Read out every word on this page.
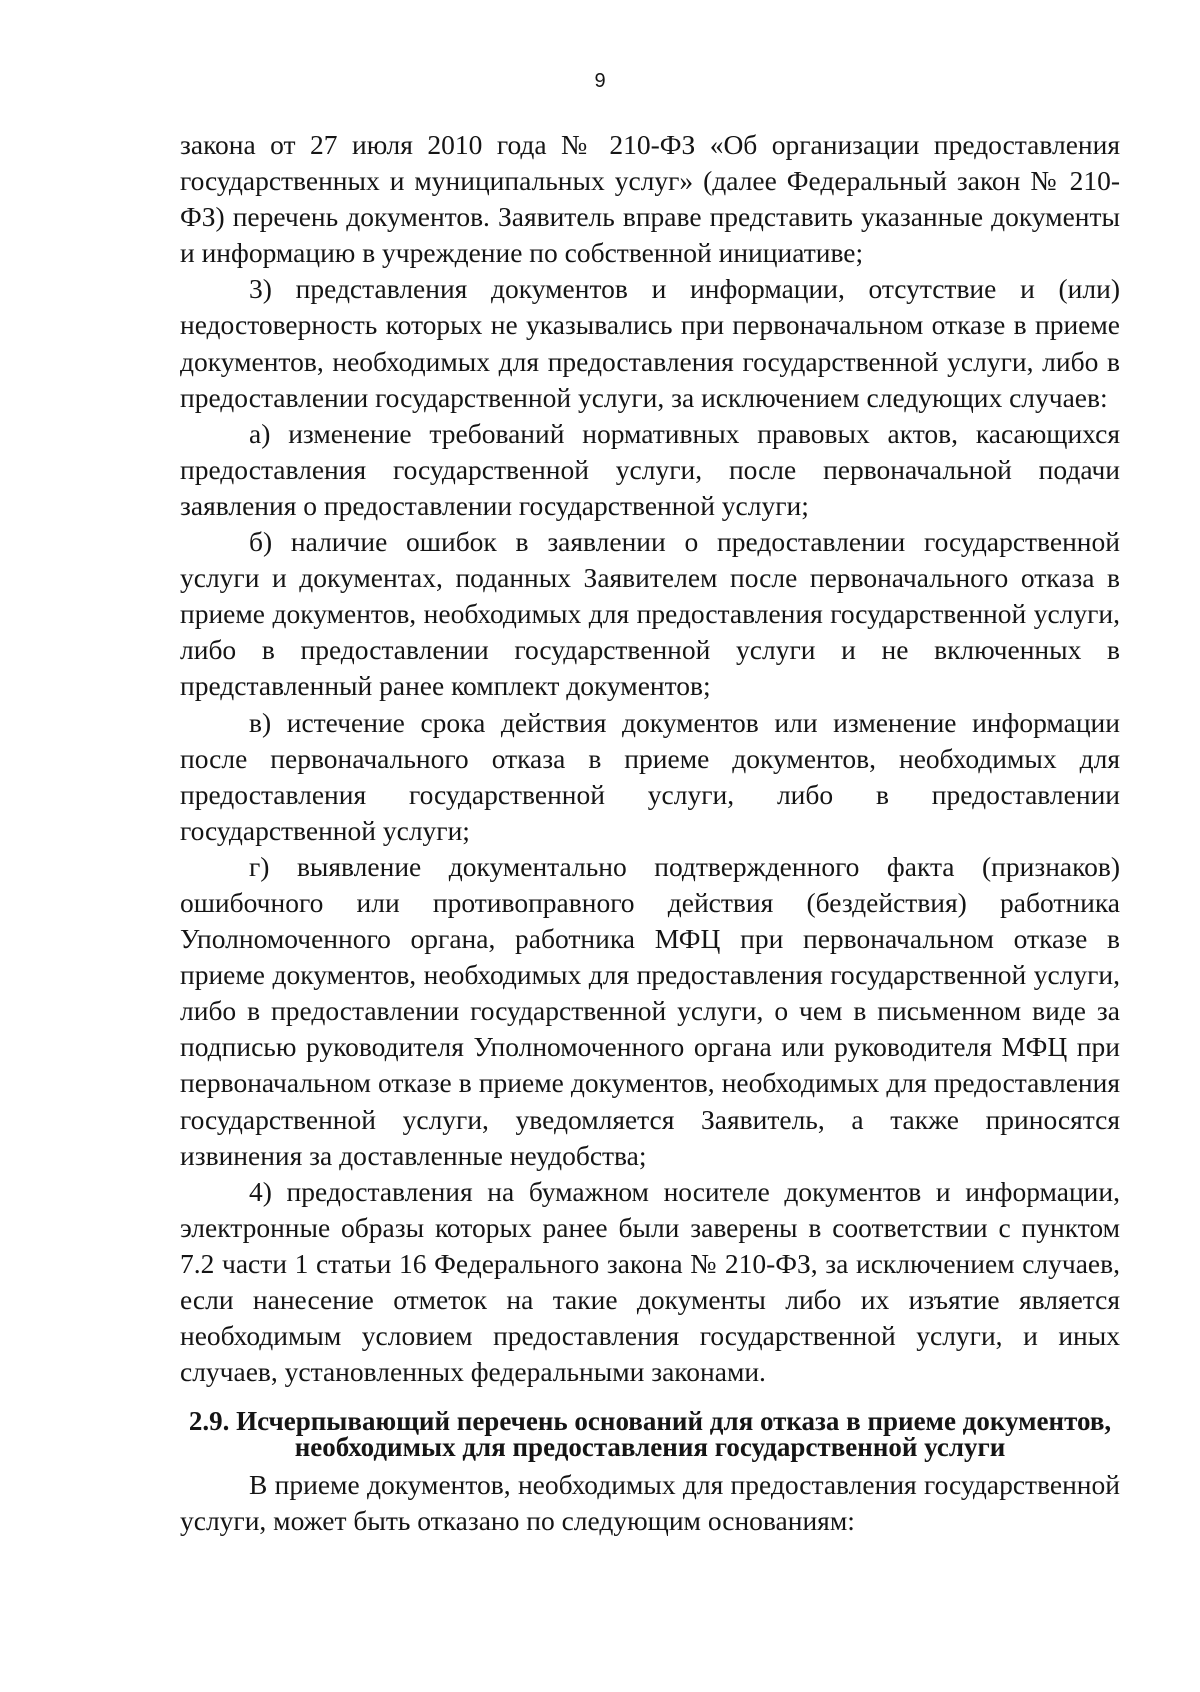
9

закона от 27 июля 2010 года № 210-ФЗ «Об организации предоставления государственных и муниципальных услуг» (далее Федеральный закон № 210-ФЗ) перечень документов. Заявитель вправе представить указанные документы и информацию в учреждение по собственной инициативе;

3) представления документов и информации, отсутствие и (или) недостоверность которых не указывались при первоначальном отказе в приеме документов, необходимых для предоставления государственной услуги, либо в предоставлении государственной услуги, за исключением следующих случаев:

а) изменение требований нормативных правовых актов, касающихся предоставления государственной услуги, после первоначальной подачи заявления о предоставлении государственной услуги;

б) наличие ошибок в заявлении о предоставлении государственной услуги и документах, поданных Заявителем после первоначального отказа в приеме документов, необходимых для предоставления государственной услуги, либо в предоставлении государственной услуги и не включенных в представленный ранее комплект документов;

в) истечение срока действия документов или изменение информации после первоначального отказа в приеме документов, необходимых для предоставления государственной услуги, либо в предоставлении государственной услуги;

г) выявление документально подтвержденного факта (признаков) ошибочного или противоправного действия (бездействия) работника Уполномоченного органа, работника МФЦ при первоначальном отказе в приеме документов, необходимых для предоставления государственной услуги, либо в предоставлении государственной услуги, о чем в письменном виде за подписью руководителя Уполномоченного органа или руководителя МФЦ при первоначальном отказе в приеме документов, необходимых для предоставления государственной услуги, уведомляется Заявитель, а также приносятся извинения за доставленные неудобства;

4) предоставления на бумажном носителе документов и информации, электронные образы которых ранее были заверены в соответствии с пунктом 7.2 части 1 статьи 16 Федерального закона № 210-ФЗ, за исключением случаев, если нанесение отметок на такие документы либо их изъятие является необходимым условием предоставления государственной услуги, и иных случаев, установленных федеральными законами.

2.9. Исчерпывающий перечень оснований для отказа в приеме документов, необходимых для предоставления государственной услуги

В приеме документов, необходимых для предоставления государственной услуги, может быть отказано по следующим основаниям:
